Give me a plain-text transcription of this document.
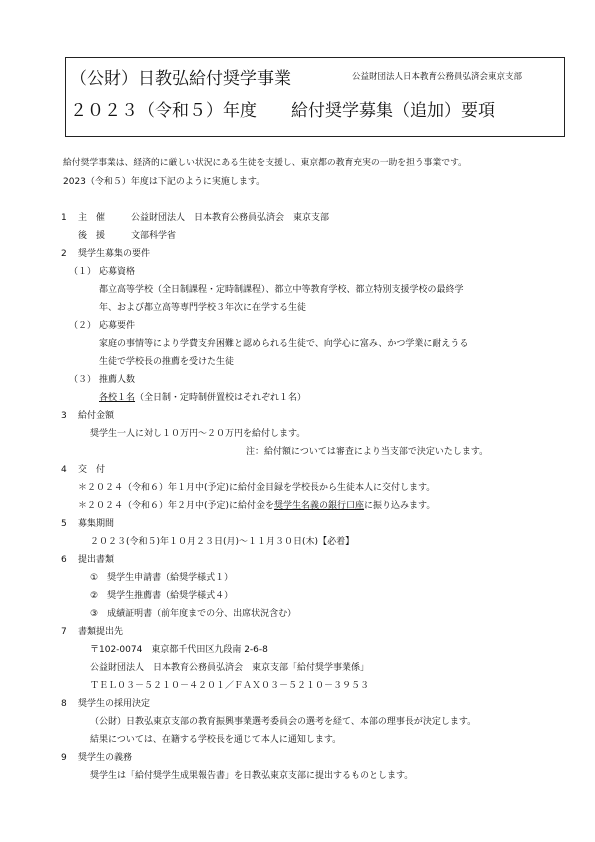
（公財）日教弘給付奨学事業	公益財団法人日本教育公務員弘済会東京支部
２０２３（令和５）年度 給付奨学募集（追加）要項
給付奨学事業は、経済的に厳しい状況にある生徒を支援し、東京都の教育充実の一助を担う事業です。
2023（令和５）年度は下記のように実施します。
1 主　催	公益財団法人　日本教育公務員弘済会　東京支部
後　援	文部科学省
2 奨学生募集の要件
（１） 応募資格
都立高等学校（全日制課程・定時制課程）、都立中等教育学校、都立特別支援学校の最終学
年、および都立高等専門学校３年次に在学する生徒
（２） 応募要件
家庭の事情等により学費支弁困難と認められる生徒で、向学心に富み、かつ学業に耐えうる
生徒で学校長の推薦を受けた生徒
（３） 推薦人数
各校１名（全日制・定時制併置校はそれぞれ１名）
3 給付金額
奨学生一人に対し１０万円～２０万円を給付します。
注：給付額については審査により当支部で決定いたします。
4 交　付
＊２０２４（令和６）年１月中(予定)に給付金目録を学校長から生徒本人に交付します。
＊２０２４（令和６）年２月中(予定)に給付金を奨学生名義の銀行口座に振り込みます。
5 募集期間
２０２３(令和５)年１０月２３日(月)～１１月３０日(木)【必着】
6 提出書類
①　奨学生申請書（給奨学様式１）
②　奨学生推薦書（給奨学様式４）
③　成績証明書（前年度までの分、出席状況含む）
7 書類提出先
〒102-0074　東京都千代田区九段南 2-6-8
公益財団法人　日本教育公務員弘済会　東京支部「給付奨学事業係」
ＴＥＬ０３－５２１０－４２０１／ＦＡＸ０３－５２１０－３９５３
8 奨学生の採用決定
（公財）日教弘東京支部の教育振興事業選考委員会の選考を経て、本部の理事長が決定します。
結果については、在籍する学校長を通じて本人に通知します。
9 奨学生の義務
奨学生は「給付奨学生成果報告書」を日教弘東京支部に提出するものとします。
